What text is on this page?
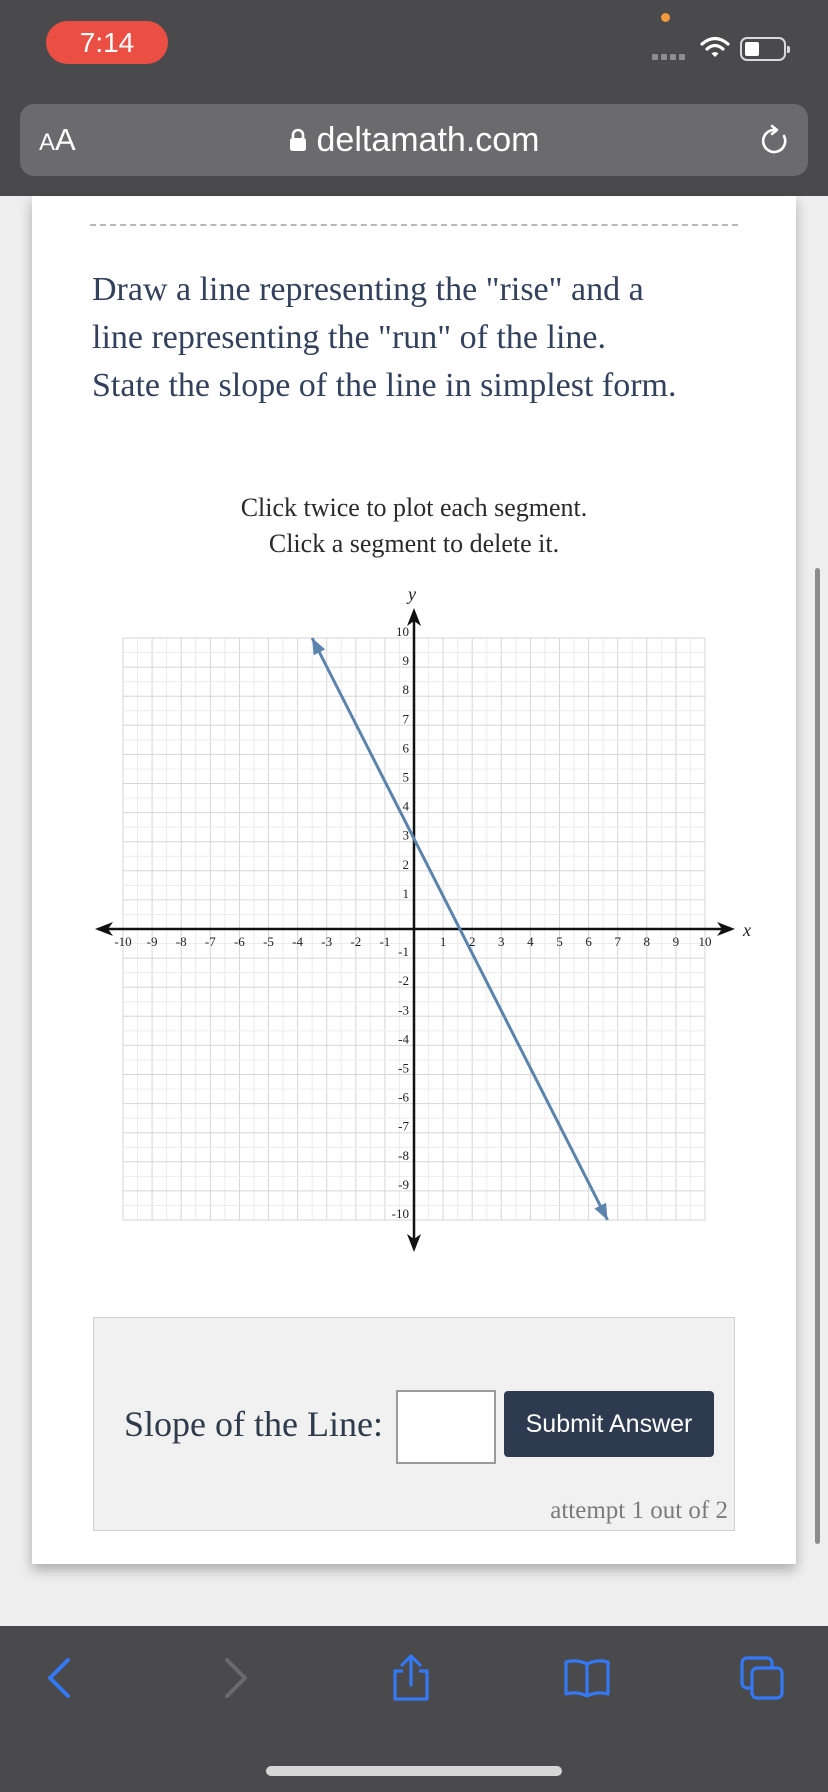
7:14
AA	deltamath.com

Draw a line representing the "rise" and a
line representing the "run" of the line.
State the slope of the line in simplest form.

Click twice to plot each segment.
Click a segment to delete it.
x
y
-10 -9 -8 -7 -6 -5 -4 -3 -2 -1	1 2 3 4 5 6 7 8 9 10
10
9
8
7
6
5
4
3
2
1
-1
-2
-3
-4
-5
-6
-7
-8
-9
-10
Slope of the Line:	Submit Answer
attempt 1 out of 2
